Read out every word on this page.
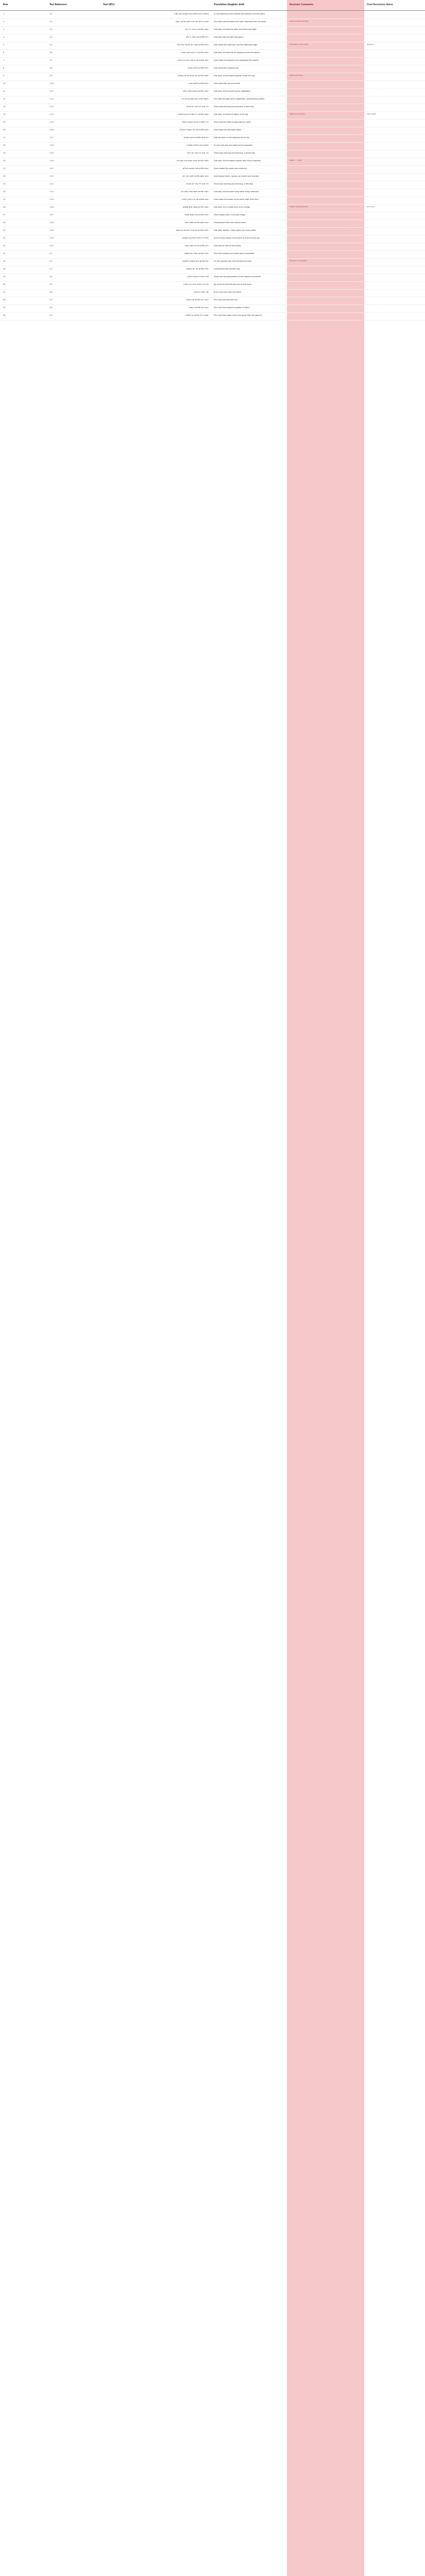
Row	Text Reference	Text (RTL)	Translation (English) draft	Reviewer Comments	Final Resolution Notes
1	1:1	בראשית ברא אלהים את השמים ואת הארץ	In the beginning God created the heavens and the earth
2	1:2	והארץ היתה תהו ובהו וחשך על פני תהום	The earth was formless and void, darkness over the deep	Check wording: formless
3	1:3	ויאמר אלהים יהי אור ויהי אור	God said, let there be light, and there was light
4	1:4	וירא אלהים את האור כי טוב	God saw that the light was good
5	1:5	ויקרא אלהים לאור יום ולחשך קרא לילה	God called the light day, and the darkness night	Consistency: day / night	Resolved
6	1:6	ויאמר אלהים יהי רקיע בתוך המים	God said, let there be an expanse amid the waters
7	1:7	ויעש אלהים את הרקיע ויבדל בין המים	God made the expanse and separated the waters
8	1:8	ויקרא אלהים לרקיע שמים	God called the expanse sky
9	1:9	ויאמר אלהים יקוו המים מתחת השמים	God said, let the waters gather under the sky	Verify verb tense
10	1:10	ויקרא אלהים ליבשה ארץ	God called the dry land earth
11	1:11	ויאמר אלהים תדשא הארץ דשא	God said, let the earth sprout vegetation
12	1:12	ותוצא הארץ דשא עשב מזריע זרע	The earth brought forth vegetation, seed-bearing plants
13	1:13	ויהי ערב ויהי בקר יום שלישי	There was evening and morning, a third day
14	1:14	ויאמר אלהים יהי מארת ברקיע השמים	God said, let there be lights in the sky	Lights vs luminaries	Keep 'lights'
15	1:15	והיו למאורת ברקיע השמים להאיר	They shall be lights to give light on earth
16	1:16	ויעש אלהים את שני המארת הגדלים	God made the two great lights
17	1:17	ויתן אתם אלהים ברקיע השמים	God set them in the expanse of the sky
18	1:18	ולמשל ביום ובלילה ולהבדיל	To rule over day and night and to separate
19	1:19	ויהי ערב ויהי בקר יום רביעי	There was evening and morning, a fourth day
20	1:20	ויאמר אלהים ישרצו המים שרץ נפש חיה	God said, let the waters swarm with living creatures	Swarm — check
21	1:21	ויברא אלהים את התנינם הגדלים	God created the great sea creatures
22	1:22	ויברך אתם אלהים לאמר פרו ורבו	God blessed them, saying, be fruitful and multiply
23	1:23	ויהי ערב ויהי בקר יום חמישי	There was evening and morning, a fifth day
24	1:24	ויאמר אלהים תוצא הארץ נפש חיה	God said, let the earth bring forth living creatures
25	1:25	ויעש אלהים את חית הארץ למינה	God made the beasts of the earth after their kind
26	1:26	ויאמר אלהים נעשה אדם בצלמנו	God said, let us make man in our image	Image / likeness pairing	Discussed
27	1:27	ויברא אלהים את האדם בצלמו	God created man in his own image
28	1:28	ויברך אתם אלהים ויאמר להם	God blessed them and said to them
29	1:29	ויאמר אלהים הנה נתתי לכם את כל עשב	God said, behold, I have given you every plant
30	1:30	ולכל חית הארץ ולכל עוף השמים	And to every beast of the earth and bird of the sky
31	1:31	וירא אלהים את כל אשר עשה	God saw all that he had made
32	2:1	ויכלו השמים והארץ וכל צבאם	Thus the heavens and earth were completed
33	2:2	ויכל אלהים ביום השביעי מלאכתו	On the seventh day God finished his work	Finished vs completed
34	2:3	ויברך אלהים את יום השביעי	God blessed the seventh day
35	2:4	אלה תולדות השמים והארץ	These are the generations of the heavens and earth
36	2:5	וכל שיח השדה טרם יהיה בארץ	No shrub of the field was yet on the earth
37	2:6	ואד יעלה מן הארץ	But a mist rose from the earth
38	2:7	וייצר יהוה אלהים את האדם	The Lord God formed man
39	2:8	ויטע יהוה אלהים גן בעדן	The Lord God planted a garden in Eden
40	2:9	ויצמח יהוה אלהים מן האדמה	The Lord God made every tree grow from the ground
